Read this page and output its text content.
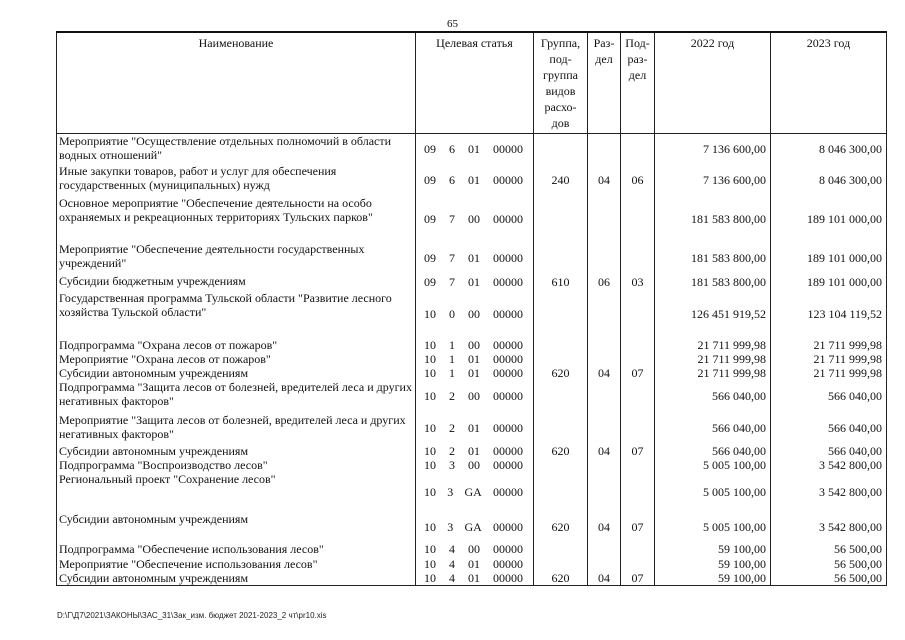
65
Наименование	Целевая статья	Группа, под- группа видов расхо- дов	Раз- дел	Под- раз- дел	2022 год	2023 год
Мероприятие "Осуществление отдельных полномочий в области водных отношений"	09 6 01 00000				7 136 600,00	8 046 300,00
Иные закупки товаров, работ и услуг для обеспечения государственных (муниципальных) нужд	09 6 01 00000	240	04	06	7 136 600,00	8 046 300,00
Основное мероприятие "Обеспечение деятельности на особо охраняемых и рекреационных территориях Тульских парков"	09 7 00 00000				181 583 800,00	189 101 000,00
Мероприятие "Обеспечение деятельности государственных учреждений"	09 7 01 00000				181 583 800,00	189 101 000,00
Субсидии бюджетным учреждениям	09 7 01 00000	610	06	03	181 583 800,00	189 101 000,00
Государственная программа Тульской области "Развитие лесного хозяйства Тульской области"	10 0 00 00000				126 451 919,52	123 104 119,52
Подпрограмма "Охрана лесов от пожаров"	10 1 00 00000				21 711 999,98	21 711 999,98
Мероприятие "Охрана лесов от пожаров"	10 1 01 00000				21 711 999,98	21 711 999,98
Субсидии автономным учреждениям	10 1 01 00000	620	04	07	21 711 999,98	21 711 999,98
Подпрограмма "Защита лесов от болезней, вредителей леса и других негативных факторов"	10 2 00 00000				566 040,00	566 040,00
Мероприятие "Защита лесов от болезней, вредителей леса и других негативных факторов"	10 2 01 00000				566 040,00	566 040,00
Субсидии автономным учреждениям	10 2 01 00000	620	04	07	566 040,00	566 040,00
Подпрограмма "Воспроизводство лесов"	10 3 00 00000				5 005 100,00	3 542 800,00
Региональный проект "Сохранение лесов"	10 3 GA 00000				5 005 100,00	3 542 800,00
Субсидии автономным учреждениям	10 3 GA 00000	620	04	07	5 005 100,00	3 542 800,00
Подпрограмма "Обеспечение использования лесов"	10 4 00 00000				59 100,00	56 500,00
Мероприятие "Обеспечение использования лесов"	10 4 01 00000				59 100,00	56 500,00
Субсидии автономным учреждениям	10 4 01 00000	620	04	07	59 100,00	56 500,00
D:\Г\Д7\2021\ЗАКОНЫ\ЗАС_31\Зак_изм. бюджет 2021-2023_2 чт\pr10.xis
